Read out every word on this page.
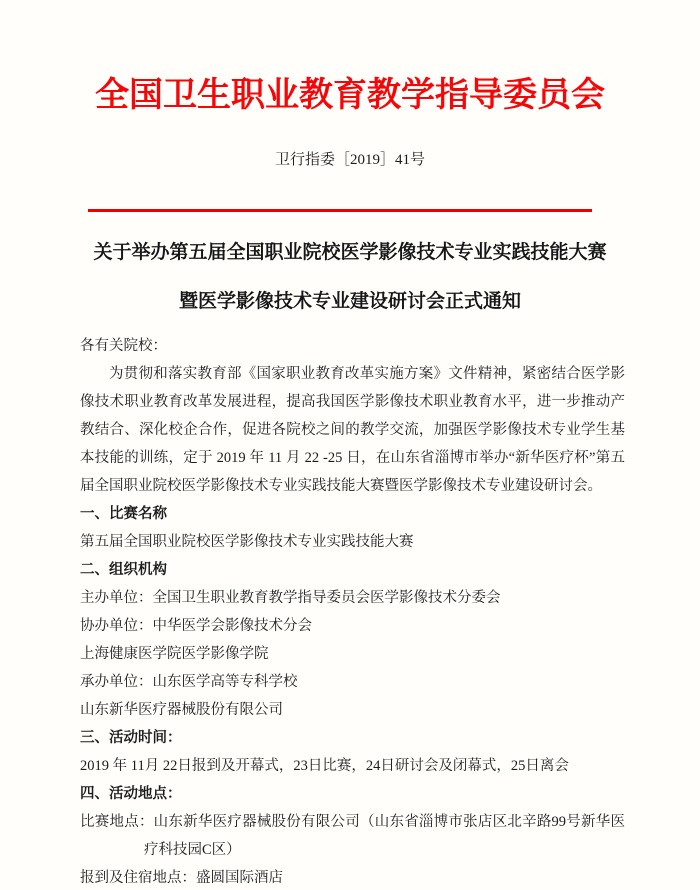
全国卫生职业教育教学指导委员会
卫行指委［2019］41号
关于举办第五届全国职业院校医学影像技术专业实践技能大赛
暨医学影像技术专业建设研讨会正式通知

各有关院校：

为贯彻和落实教育部《国家职业教育改革实施方案》文件精神，紧密结合医学影像技术职业教育改革发展进程，提高我国医学影像技术职业教育水平，进一步推动产教结合、深化校企合作，促进各院校之间的教学交流，加强医学影像技术专业学生基本技能的训练，定于 2019 年 11 月 22 -25 日，在山东省淄博市举办“新华医疗杯”第五届全国职业院校医学影像技术专业实践技能大赛暨医学影像技术专业建设研讨会。

一、比赛名称

第五届全国职业院校医学影像技术专业实践技能大赛

二、组织机构

主办单位：全国卫生职业教育教学指导委员会医学影像技术分委会

协办单位：中华医学会影像技术分会

上海健康医学院医学影像学院

承办单位：山东医学高等专科学校

山东新华医疗器械股份有限公司

三、活动时间：

2019 年 11月 22日报到及开幕式，23日比赛，24日研讨会及闭幕式，25日离会

四、活动地点：

比赛地点：山东新华医疗器械股份有限公司（山东省淄博市张店区北辛路99号新华医疗科技园C区）

报到及住宿地点：盛圆国际酒店
